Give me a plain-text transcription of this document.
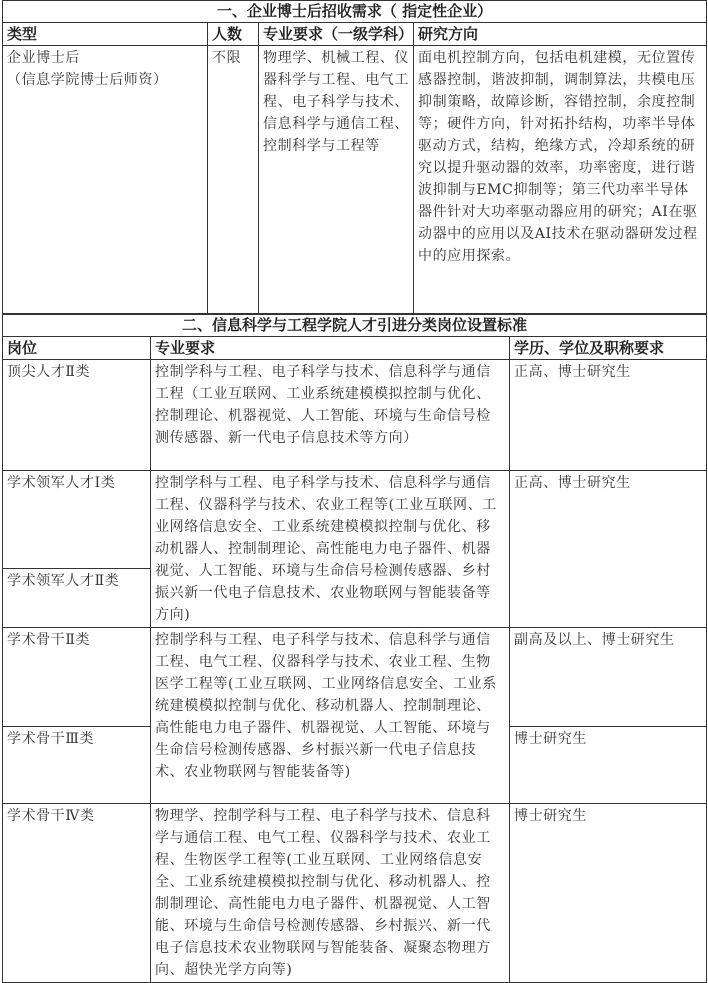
一、企业博士后招收需求（ 指定性企业）			
类型	人数	专业要求（一级学科）	研究方向

企业博士后
（信息学院博士后师资）	不限	物理学、机械工程、仪器科学与工程、电气工程、电子科学与技术、信息科学与通信工程、控制科学与工程等	面电机控制方向，包括电机建模，无位置传感器控制，谐波抑制，调制算法，共模电压抑制策略，故障诊断，容错控制，余度控制等；硬件方向，针对拓扑结构，功率半导体驱动方式，结构，绝缘方式，冷却系统的研究以提升驱动器的效率，功率密度，进行谐波抑制与EMC抑制等；第三代功率半导体器件针对大功率驱动器应用的研究；AI在驱动器中的应用以及AI技术在驱动器研发过程中的应用探索。
二、信息科学与工程学院人才引进分类岗位设置标准		
岗位	专业要求	学历、学位及职称要求
顶尖人才Ⅱ类	控制学科与工程、电子科学与技术、信息科学与通信工程（工业互联网、工业系统建模模拟控制与优化、控制理论、机器视觉、人工智能、环境与生命信号检测传感器、新一代电子信息技术等方向）	正高、博士研究生
学术领军人才Ⅰ类	控制学科与工程、电子科学与技术、信息科学与通信工程、仪器科学与技术、农业工程等(工业互联网、工业网络信息安全、工业系统建模模拟控制与优化、移动机器人、控制制理论、高性能电力电子器件、机器视觉、人工智能、环境与生命信号检测传感器、乡村振兴新一代电子信息技术、农业物联网与智能装备等方向)	正高、博士研究生
学术领军人才Ⅱ类		
学术骨干Ⅱ类	控制学科与工程、电子科学与技术、信息科学与通信工程、电气工程、仪器科学与技术、农业工程、生物医学工程等(工业互联网、工业网络信息安全、工业系统建模模拟控制与优化、移动机器人、控制制理论、高性能电力电子器件、机器视觉、人工智能、环境与生命信号检测传感器、乡村振兴新一代电子信息技术、农业物联网与智能装备等)	副高及以上、博士研究生
学术骨干Ⅲ类		博士研究生
学术骨干Ⅳ类	物理学、控制学科与工程、电子科学与技术、信息科学与通信工程、电气工程、仪器科学与技术、农业工程、生物医学工程等(工业互联网、工业网络信息安全、工业系统建模模拟控制与优化、移动机器人、控制制理论、高性能电力电子器件、机器视觉、人工智能、环境与生命信号检测传感器、乡村振兴、新一代电子信息技术农业物联网与智能装备、凝聚态物理方向、超快光学方向等)	博士研究生
